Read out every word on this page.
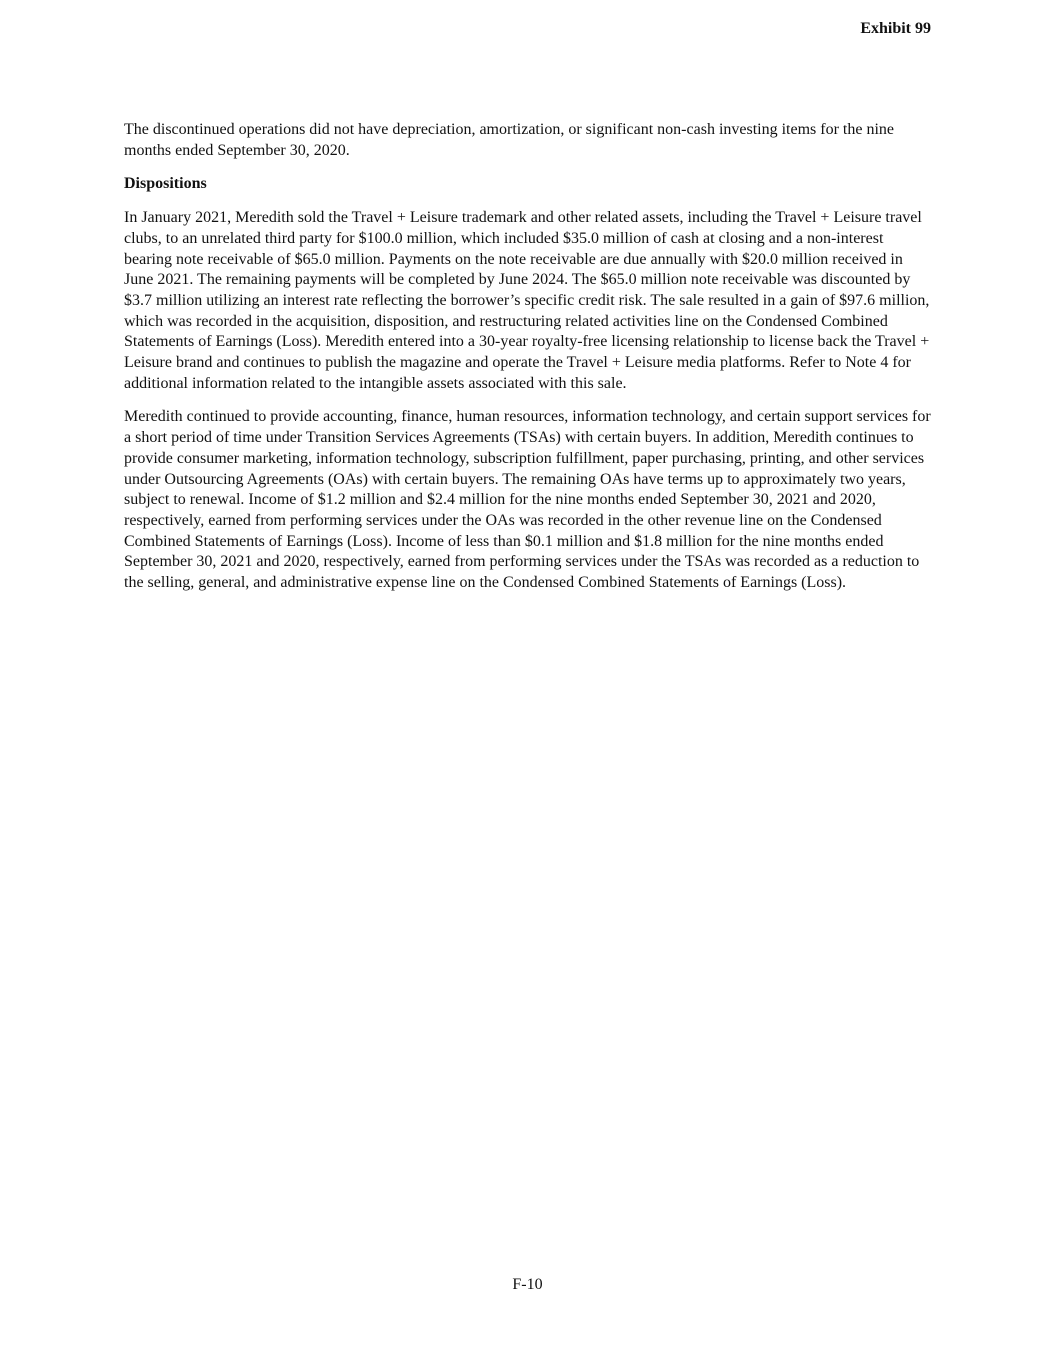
Exhibit 99

The discontinued operations did not have depreciation, amortization, or significant non-cash investing items for the nine months ended September 30, 2020.

Dispositions

In January 2021, Meredith sold the Travel + Leisure trademark and other related assets, including the Travel + Leisure travel clubs, to an unrelated third party for $100.0 million, which included $35.0 million of cash at closing and a non-interest bearing note receivable of $65.0 million. Payments on the note receivable are due annually with $20.0 million received in June 2021. The remaining payments will be completed by June 2024. The $65.0 million note receivable was discounted by $3.7 million utilizing an interest rate reflecting the borrower’s specific credit risk. The sale resulted in a gain of $97.6 million, which was recorded in the acquisition, disposition, and restructuring related activities line on the Condensed Combined Statements of Earnings (Loss). Meredith entered into a 30-year royalty-free licensing relationship to license back the Travel + Leisure brand and continues to publish the magazine and operate the Travel + Leisure media platforms. Refer to Note 4 for additional information related to the intangible assets associated with this sale.

Meredith continued to provide accounting, finance, human resources, information technology, and certain support services for a short period of time under Transition Services Agreements (TSAs) with certain buyers. In addition, Meredith continues to provide consumer marketing, information technology, subscription fulfillment, paper purchasing, printing, and other services under Outsourcing Agreements (OAs) with certain buyers. The remaining OAs have terms up to approximately two years, subject to renewal. Income of $1.2 million and $2.4 million for the nine months ended September 30, 2021 and 2020, respectively, earned from performing services under the OAs was recorded in the other revenue line on the Condensed Combined Statements of Earnings (Loss). Income of less than $0.1 million and $1.8 million for the nine months ended September 30, 2021 and 2020, respectively, earned from performing services under the TSAs was recorded as a reduction to the selling, general, and administrative expense line on the Condensed Combined Statements of Earnings (Loss).

F-10
